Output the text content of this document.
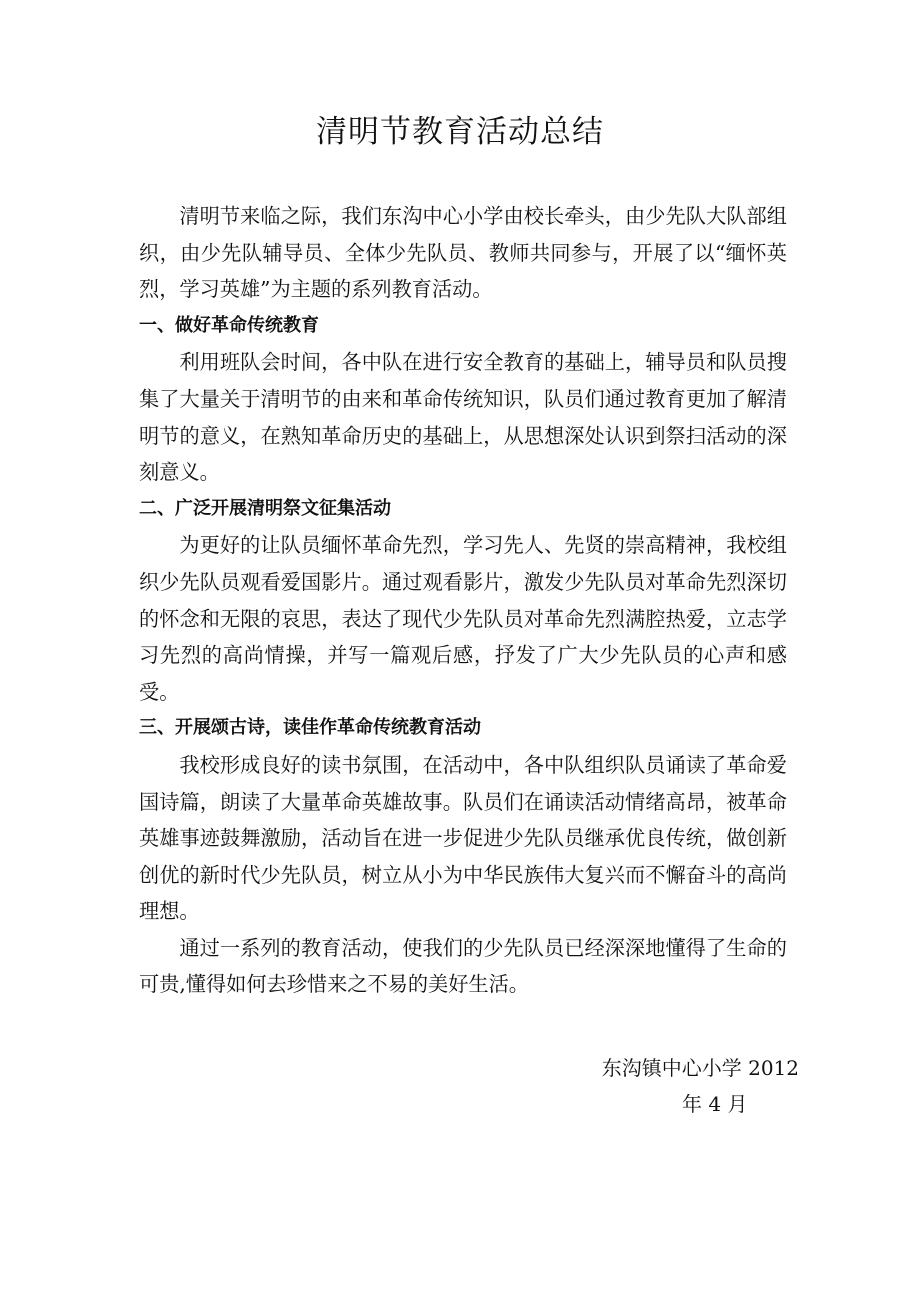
清明节教育活动总结

清明节来临之际，我们东沟中心小学由校长牵头，由少先队大队部组织，由少先队辅导员、全体少先队员、教师共同参与，开展了以“缅怀英烈，学习英雄”为主题的系列教育活动。

一、做好革命传统教育

利用班队会时间，各中队在进行安全教育的基础上，辅导员和队员搜集了大量关于清明节的由来和革命传统知识，队员们通过教育更加了解清明节的意义，在熟知革命历史的基础上，从思想深处认识到祭扫活动的深刻意义。

二、广泛开展清明祭文征集活动

为更好的让队员缅怀革命先烈，学习先人、先贤的崇高精神，我校组织少先队员观看爱国影片。通过观看影片，激发少先队员对革命先烈深切的怀念和无限的哀思，表达了现代少先队员对革命先烈满腔热爱，立志学习先烈的高尚情操，并写一篇观后感，抒发了广大少先队员的心声和感受。

三、开展颂古诗，读佳作革命传统教育活动

我校形成良好的读书氛围，在活动中，各中队组织队员诵读了革命爱国诗篇，朗读了大量革命英雄故事。队员们在诵读活动情绪高昂，被革命英雄事迹鼓舞激励，活动旨在进一步促进少先队员继承优良传统，做创新创优的新时代少先队员，树立从小为中华民族伟大复兴而不懈奋斗的高尚理想。

通过一系列的教育活动，使我们的少先队员已经深深地懂得了生命的可贵,懂得如何去珍惜来之不易的美好生活。

东沟镇中心小学 2012
年 4 月
